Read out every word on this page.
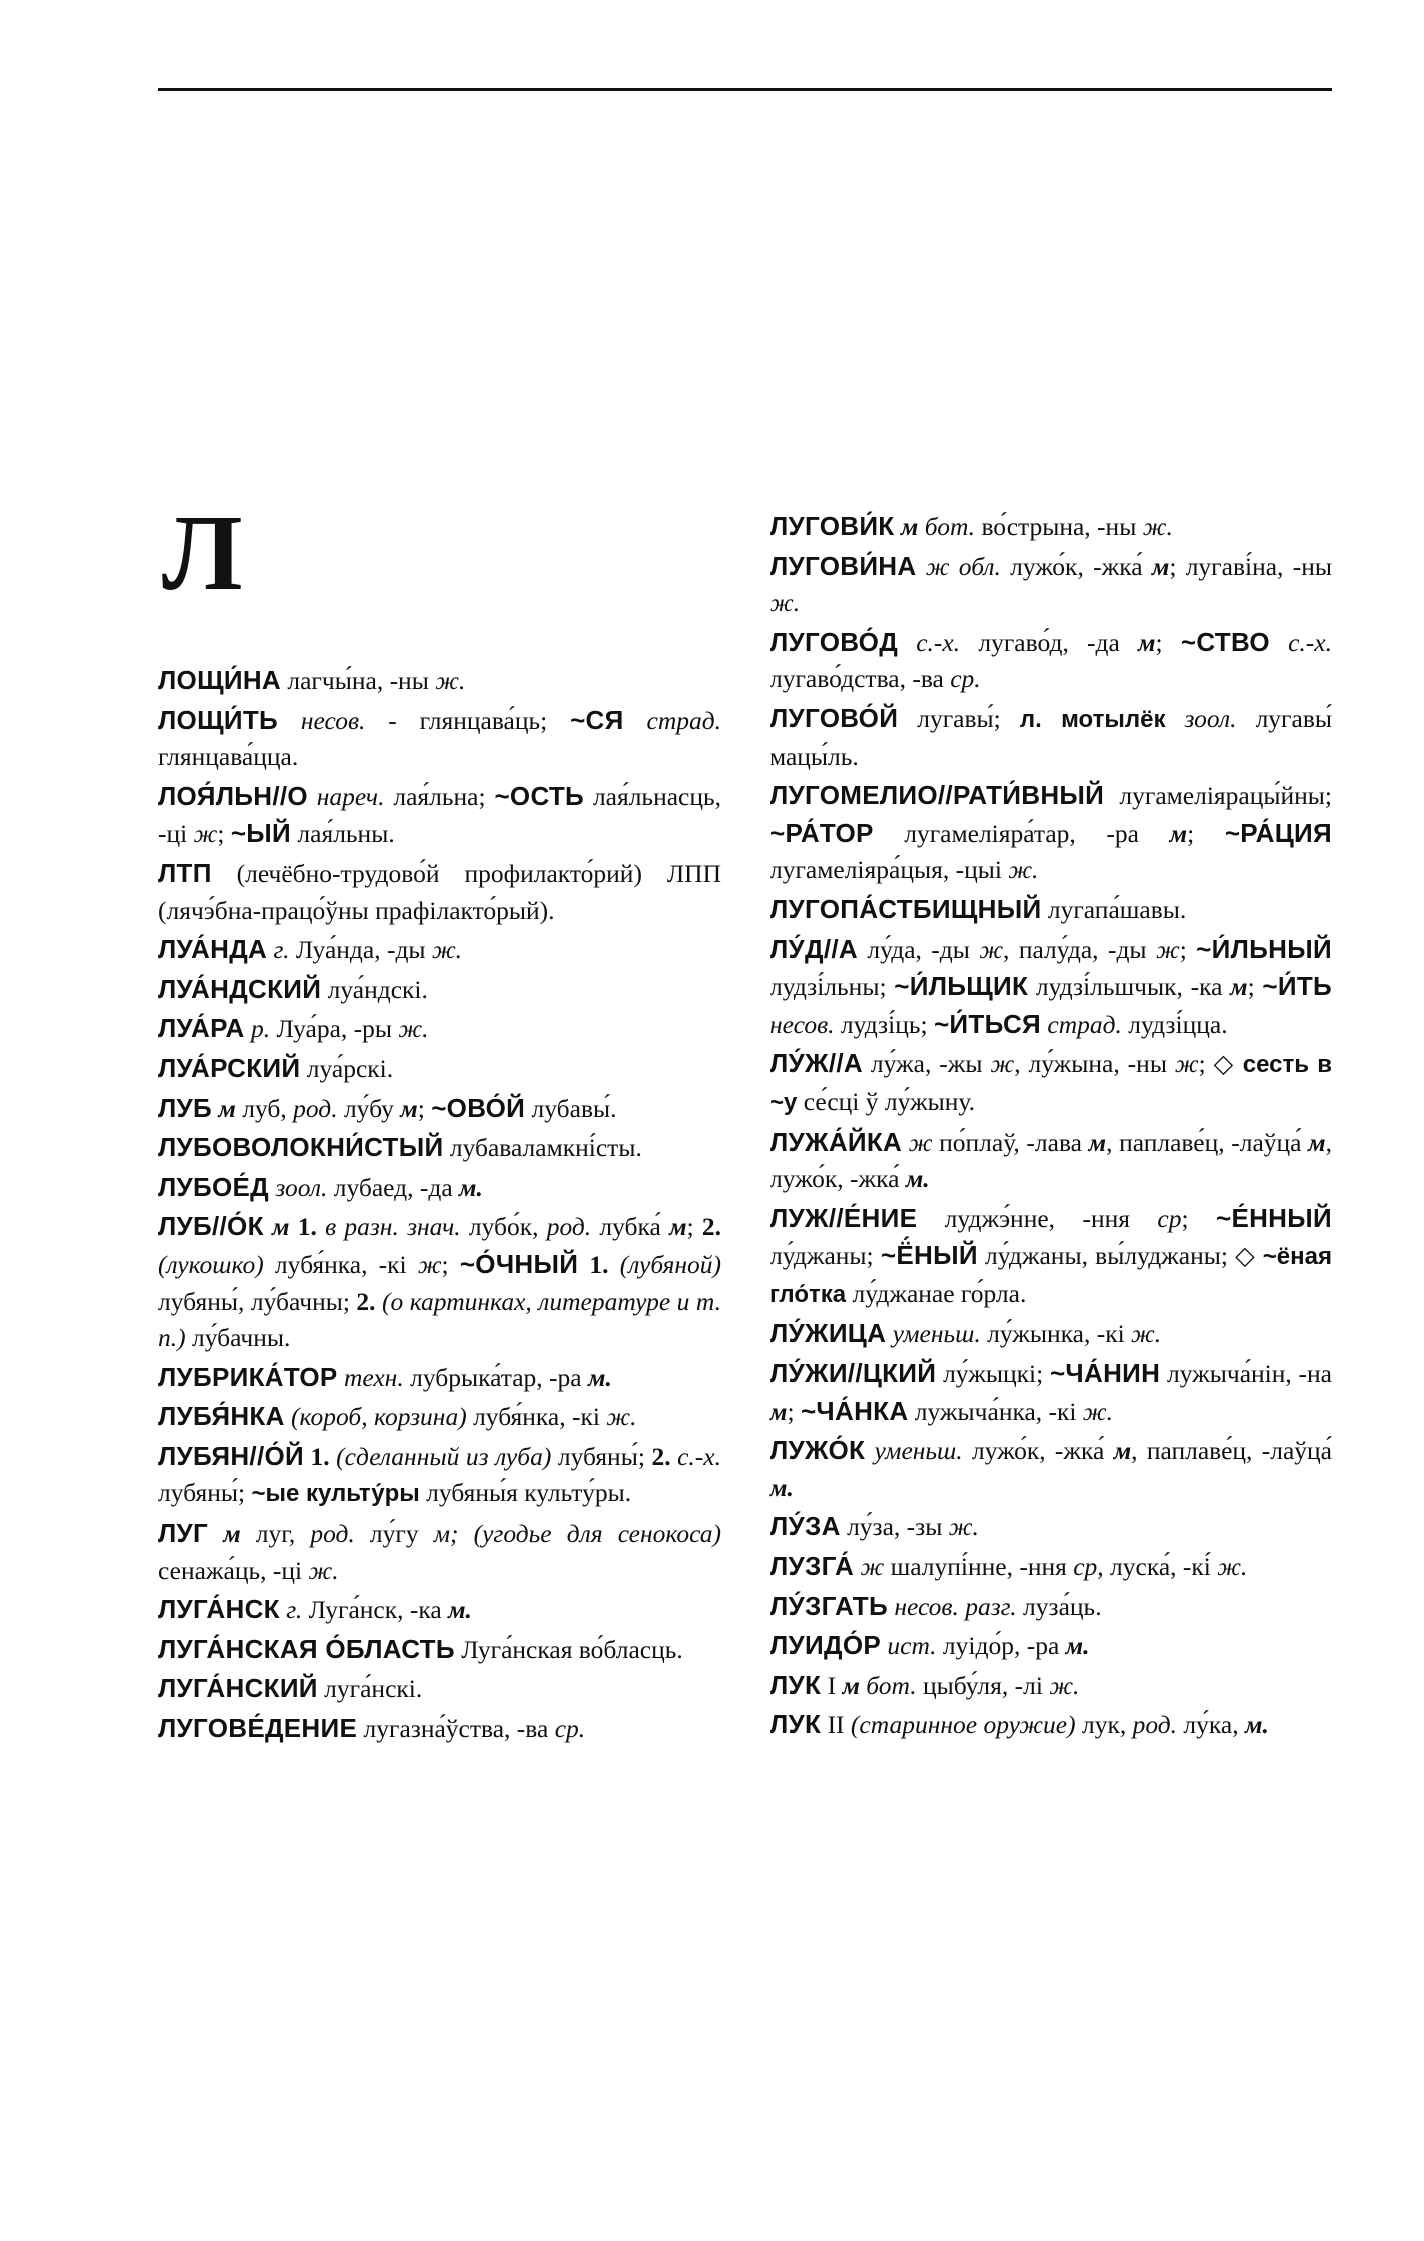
Л
ЛОЩИ́НА лагчы́на, -ны ж.
ЛОЩИ́ТЬ несов. - глянцава́ць; ~СЯ страд. глянцава́цца.
ЛОЯ́ЛЬН//О нареч. лая́льна; ~ОСТЬ лая́льнасць, -ці ж; ~ЫЙ лая́льны.
ЛТП (лечёбно-трудово́й профилакто́рий) ЛПП (лячэ́бна-працо́ўны прафілакто́рый).
ЛУА́НДА г. Луа́нда, -ды ж.
ЛУА́НДСКИЙ луа́ндскі.
ЛУА́РА р. Луа́ра, -ры ж.
ЛУА́РСКИЙ луа́рскі.
ЛУБ м луб, род. лу́бу м; ~ОВО́Й лубавы́.
ЛУБОВОЛОКНИ́СТЫЙ лубаваламкні́сты.
ЛУБОЕ́Д зоол. лубаед, -да м.
ЛУБ//О́К м 1. в разн. знач. лубо́к, род. лубка́ м; 2. (лукошко) лубя́нка, -кі ж; ~О́ЧНЫЙ 1. (лубяной) лубяны́, лу́бачны; 2. (о картинках, литературе и т. п.) лу́бачны.
ЛУБРИКА́ТОР техн. лубрыка́тар, -ра м.
ЛУБЯ́НКА (короб, корзина) лубя́нка, -кі ж.
ЛУБЯН//О́Й 1. (сделанный из луба) лубяны́; 2. с.-х. лубяны́; ~ые культу́ры лубяны́я культу́ры.
ЛУГ м луг, род. лу́гу м; (угодье для сенокоса) сенажа́ць, -ці ж.
ЛУГА́НСК г. Луга́нск, -ка м.
ЛУГА́НСКАЯ О́БЛАСТЬ Луга́нская во́бласць.
ЛУГА́НСКИЙ луга́нскі.
ЛУГОВЕ́ДЕНИЕ лугазна́ўства, -ва ср.
ЛУГОВИ́К м бот. во́стрына, -ны ж.
ЛУГОВИ́НА ж обл. лужо́к, -жка́ м; лугаві́на, -ны ж.
ЛУГОВО́Д с.-х. лугаво́д, -да м; ~СТВО с.-х. лугаво́дства, -ва ср.
ЛУГОВО́Й лугавы́; л. мотылёк зоол. лугавы́ мацы́ль.
ЛУГОМЕЛИО//РАТИ́ВНЫЙ лугамеліярацы́йны; ~РА́ТОР лугамеліяра́тар, -ра м; ~РА́ЦИЯ лугамеліяра́цыя, -цыі ж.
ЛУГОПА́СТБИЩНЫЙ лугапа́шавы.
ЛУ́Д//А лу́да, -ды ж, палу́да, -ды ж; ~И́ЛЬНЫЙ лудзі́льны; ~И́ЛЬЩИК лудзі́льшчык, -ка м; ~И́ТЬ несов. лудзі́ць; ~И́ТЬСЯ страд. лудзі́цца.
ЛУ́Ж//А лу́жа, -жы ж, лу́жына, -ны ж; ◇ сесть в ~у се́сці ў лу́жыну.
ЛУЖА́ЙКА ж по́плаў, -лава м, паплаве́ц, -лаўца́ м, лужо́к, -жка́ м.
ЛУЖ//Е́НИЕ луджэ́нне, -ння ср; ~Е́ННЫЙ лу́джаны; ~Ё́НЫЙ лу́джаны, вы́луджаны; ◇ ~ёная гло́тка лу́джанае го́рла.
ЛУ́ЖИЦА уменьш. лу́жынка, -кі ж.
ЛУ́ЖИ//ЦКИЙ лу́жыцкі; ~ЧА́НИН лужыча́нін, -на м; ~ЧА́НКА лужыча́нка, -кі ж.
ЛУЖО́К уменьш. лужо́к, -жка́ м, паплаве́ц, -лаўца́ м.
ЛУ́ЗА лу́за, -зы ж.
ЛУЗГА́ ж шалупі́нне, -ння ср, луска́, -кі́ ж.
ЛУ́ЗГАТЬ несов. разг. луза́ць.
ЛУИДО́Р ист. луідо́р, -ра м.
ЛУК I м бот. цыбу́ля, -лі ж.
ЛУК II (старинное оружие) лук, род. лу́ка, м.
